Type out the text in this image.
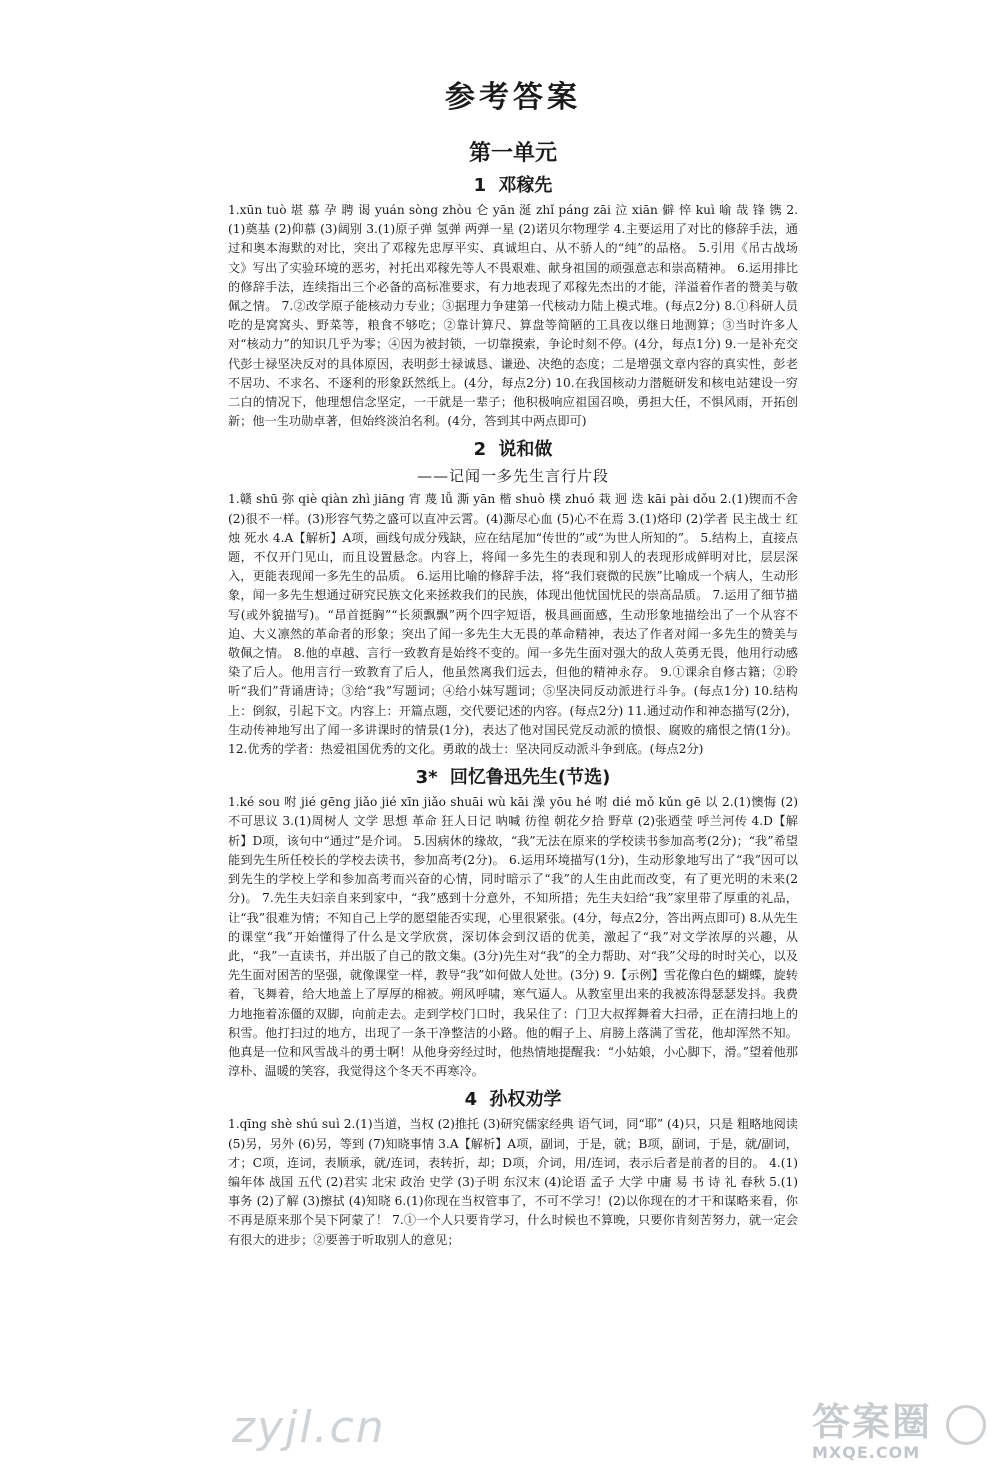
参考答案
第一单元
1 邓稼先

1.xūn tuò 堪 慕 孕 聘 谒 yuán sòng zhòu 仑 yān 涎 zhǐ páng zāi 泣 xiān 僻 悴 kuì 喻 哉 锋 镌 2.(1)奠基 (2)仰慕 (3)阔别 3.(1)原子弹 氢弹 两弹一星 (2)诺贝尔物理学 4.主要运用了对比的修辞手法，通过和奥本海默的对比，突出了邓稼先忠厚平实、真诚坦白、从不骄人的“纯”的品格。 5.引用《吊古战场文》写出了实验环境的恶劣，衬托出邓稼先等人不畏艰难、献身祖国的顽强意志和崇高精神。 6.运用排比的修辞手法，连续指出三个必备的高标准要求，有力地表现了邓稼先杰出的才能，洋溢着作者的赞美与敬佩之情。 7.②改学原子能核动力专业；③据理力争建第一代核动力陆上模式堆。(每点2分) 8.①科研人员吃的是窝窝头、野菜等，粮食不够吃；②靠计算尺、算盘等简陋的工具夜以继日地测算；③当时许多人对“核动力”的知识几乎为零；④因为被封锁，一切靠摸索，争论时刻不停。(4分，每点1分) 9.一是补充交代彭士禄坚决反对的具体原因，表明彭士禄诚恳、谦逊、决绝的态度；二是增强文章内容的真实性，彭老不居功、不求名、不逐利的形象跃然纸上。(4分，每点2分) 10.在我国核动力潜艇研发和核电站建设一穷二白的情况下，他理想信念坚定，一干就是一辈子；他积极响应祖国召唤，勇担大任，不惧风雨，开拓创新；他一生功勋卓著，但始终淡泊名利。(4分，答到其中两点即可)

2 说和做
——记闻一多先生言行片段

1.赣 shū 弥 qiè qiàn zhì jiāng 宵 蔑 lǚ 澌 yān 楷 shuò 樸 zhuó 栽 迥 迭 kāi pài dǒu 2.(1)锲而不舍 (2)很不一样。(3)形容气势之盛可以直冲云霄。(4)澌尽心血 (5)心不在焉 3.(1)烙印 (2)学者 民主战士 红烛 死水 4.A【解析】A项，画线句成分残缺，应在结尾加“传世的”或“为世人所知的”。 5.结构上，直接点题，不仅开门见山，而且设置悬念。内容上，将闻一多先生的表现和别人的表现形成鲜明对比，层层深入，更能表现闻一多先生的品质。 6.运用比喻的修辞手法，将“我们衰微的民族”比喻成一个病人，生动形象，闻一多先生想通过研究民族文化来拯救我们的民族，体现出他忧国忧民的崇高品质。 7.运用了细节描写(或外貌描写)。“昂首挺胸”“长须飘飘”两个四字短语，极具画面感，生动形象地描绘出了一个从容不迫、大义凛然的革命者的形象；突出了闻一多先生大无畏的革命精神，表达了作者对闻一多先生的赞美与敬佩之情。 8.他的卓越、言行一致教育是始终不变的。闻一多先生面对强大的敌人英勇无畏，他用行动感染了后人。他用言行一致教育了后人，他虽然离我们远去，但他的精神永存。 9.①课余自修古籍；②聆听“我们”背诵唐诗；③给“我”写题词；④给小妹写题词；⑤坚决同反动派进行斗争。(每点1分) 10.结构上：倒叙，引起下文。内容上：开篇点题，交代要记述的内容。(每点2分) 11.通过动作和神态描写(2分)，生动传神地写出了闻一多讲课时的情景(1分)，表达了他对国民党反动派的愤恨、腐败的痛恨之情(1分)。 12.优秀的学者：热爱祖国优秀的文化。勇敢的战士：坚决同反动派斗争到底。(每点2分)

3* 回忆鲁迅先生(节选)

1.ké sou 咐 jié gēng jiǎo jié xīn jiǎo shuāi wù kāi 澡 yōu hé 咐 dié mǒ kǔn gē 以 2.(1)懊悔 (2)不可思议 3.(1)周树人 文学 思想 革命 狂人日记 呐喊 彷徨 朝花夕拾 野草 (2)张迺莹 呼兰河传 4.D【解析】D项，该句中“通过”是介词。 5.因病休的缘故，“我”无法在原来的学校读书参加高考(2分)；“我”希望能到先生所任校长的学校去读书，参加高考(2分)。 6.运用环境描写(1分)，生动形象地写出了“我”因可以到先生的学校上学和参加高考而兴奋的心情，同时暗示了“我”的人生由此而改变，有了更光明的未来(2分)。 7.先生夫妇亲自来到家中，“我”感到十分意外，不知所措；先生夫妇给“我”家里带了厚重的礼品，让“我”很难为情；不知自己上学的愿望能否实现，心里很紧张。(4分，每点2分，答出两点即可) 8.从先生的课堂“我”开始懂得了什么是文学欣赏，深切体会到汉语的优美，激起了“我”对文学浓厚的兴趣，从此，“我”一直读书，并出版了自己的散文集。(3分)先生对“我”的全力帮助、对“我”父母的时时关心，以及先生面对困苦的坚强，就像课堂一样，教导“我”如何做人处世。(3分) 9.【示例】雪花像白色的蝴蝶，旋转着，飞舞着，给大地盖上了厚厚的棉被。朔风呼啸，寒气逼人。从教室里出来的我被冻得瑟瑟发抖。我费力地拖着冻僵的双脚，向前走去。走到学校门口时，我呆住了：门卫大叔挥舞着大扫帚，正在清扫地上的积雪。他打扫过的地方，出现了一条干净整洁的小路。他的帽子上、肩膀上落满了雪花，他却浑然不知。他真是一位和风雪战斗的勇士啊！从他身旁经过时，他热情地提醒我：“小姑娘，小心脚下，滑。”望着他那淳朴、温暖的笑容，我觉得这个冬天不再寒冷。

4 孙权劝学

1.qīng shè shú suì 2.(1)当道，当权 (2)推托 (3)研究儒家经典 语气词，同“耶” (4)只，只是 粗略地阅读 (5)另，另外 (6)另，等到 (7)知晓事情 3.A【解析】A项，副词，于是，就；B项，副词，于是，就/副词，才；C项，连词，表顺承，就/连词，表转折，却；D项，介词，用/连词，表示后者是前者的目的。 4.(1)编年体 战国 五代 (2)君实 北宋 政治 史学 (3)子明 东汉末 (4)论语 孟子 大学 中庸 易 书 诗 礼 春秋 5.(1)事务 (2)了解 (3)擦拭 (4)知晓 6.(1)你现在当权管事了，不可不学习！(2)以你现在的才干和谋略来看，你不再是原来那个吴下阿蒙了！ 7.①一个人只要肯学习，什么时候也不算晚，只要你肯刻苦努力，就一定会有很大的进步；②要善于听取别人的意见；

zyjl.cn	答案圈
MXQE.COM
